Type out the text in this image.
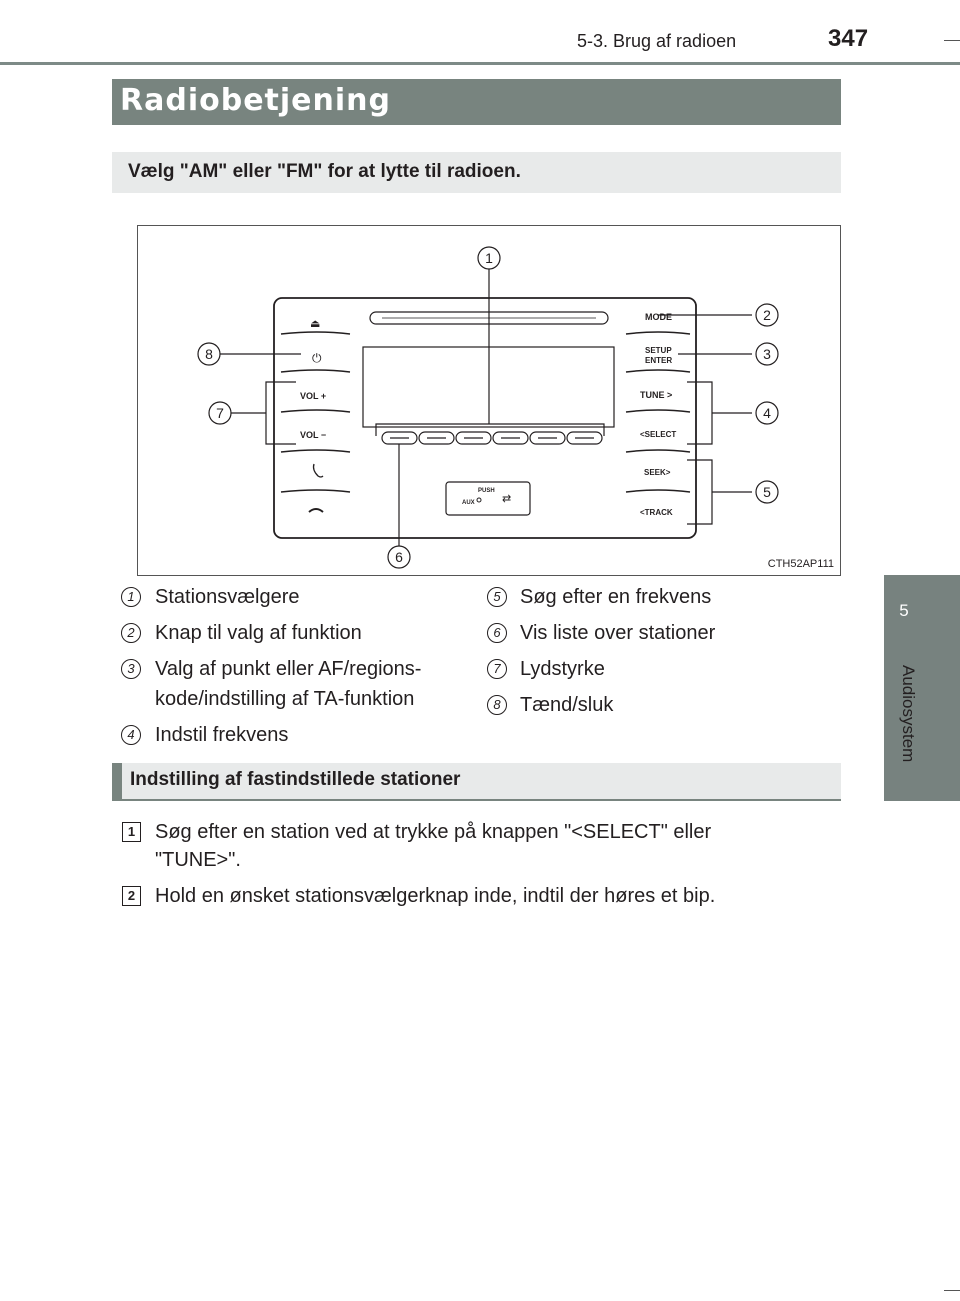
5-3. Brug af radioen	347
5
Audiosystem
Radiobetjening
Vælg "AM" eller "FM" for at lytte til radioen.
PUSH
AUX ⇄
⏏
⏻
VOL +
VOL −
MODE
SETUP
ENTER
TUNE >
<SELECT
SEEK>
<TRACK
1
2
3
4
5
6
7
8
CTH52AP111
1	Stationsvælgere
2	Knap til valg af funktion
3	Valg af punkt eller AF/regions-
kode/indstilling af TA-funktion
4	Indstil frekvens
5 Søg efter en frekvens
6 Vis liste over stationer
7 Lydstyrke
8 Tænd/sluk
Indstilling af fastindstillede stationer
1 Søg efter en station ved at trykke på knappen "<SELECT" eller
"TUNE>".
2 Hold en ønsket stationsvælgerknap inde, indtil der høres et bip.
